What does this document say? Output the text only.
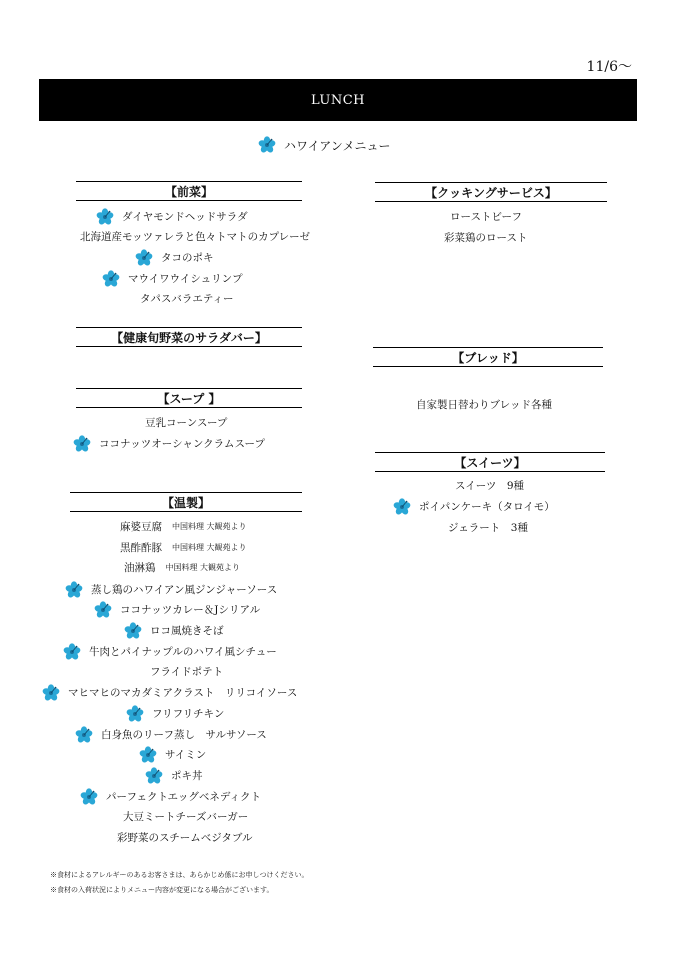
11/6～
LUNCH
ハワイアンメニュー
【前菜】
ダイヤモンドヘッドサラダ
北海道産モッツァレラと色々トマトのカプレーゼ
タコのポキ
マウイワウイシュリンプ
タパスバラエティー
【健康旬野菜のサラダバー】
【スープ 】
豆乳コーンスープ
ココナッツオーシャンクラムスープ
【温製】
麻婆豆腐 中国料理 大観苑より
黒酢酢豚 中国料理 大観苑より
油淋鶏 中国料理 大観苑より
蒸し鶏のハワイアン風ジンジャーソース
ココナッツカレー＆Jシリアル
ロコ風焼きそば
牛肉とパイナップルのハワイ風シチュー
フライドポテト
マヒマヒのマカダミアクラスト　リリコイソース
フリフリチキン
白身魚のリーフ蒸し　サルサソース
サイミン
ポキ丼
パーフェクトエッグベネディクト
大豆ミートチーズバーガー
彩野菜のスチームベジタブル
【クッキングサービス】
ローストビーフ
彩菜鶏のロースト
【ブレッド】
自家製日替わりブレッド各種
【スイーツ】
スイーツ　9種
ポイパンケーキ（タロイモ）
ジェラート　3種
※食材によるアレルギーのあるお客さまは、あらかじめ係にお申しつけください。
※食材の入荷状況によりメニュー内容が変更になる場合がございます。
